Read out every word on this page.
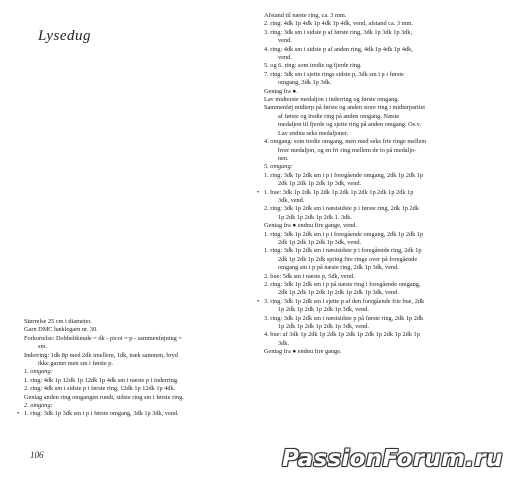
Lysedug
Størrelse 25 cm i diameter.
Garn DMC hæklegarn nr. 30.
Forkortelse: Dobbeltknude = dk - picot = p - sammenføjning =
sm.
Inderring: 1dk 8p med 2dk imellem, 1dk, træk sammen, bryd
ikke garnet men sm i første p.
1. omgang:
1. ring: 4dk 1p 12dk 1p 12dk 1p 4dk sm i næste p i inderring.
2. ring: 4dk sm i sidste p i første ring, 12dk 1p 12dk 1p 4dk.
Gentag anden ring omgangen rundt, sidste ring sm i første ring.
2. omgang:
• 1. ring: 3dk 1p 3dk sm i p i første omgang, 3dk 1p 3dk, vend.
Afstand til næste ring, ca. 3 mm.
2. ring: 4dk 1p 4dk 1p 4dk 1p 4dk, vend, afstand ca. 3 mm.
3. ring: 3dk sm i sidste p af første ring, 3dk 1p 3dk 1p 3dk,
vend.
4. ring: 4dk sm i sidste p af anden ring, 4dk 1p 4dk 1p 4dk,
vend.
5. og 6. ring: som tredie og fjerde ring.
7. ring: 3dk sm i sjette rings sidste p, 3dk sm i p i første
omgang, 3dk 1p 3dk.
Gentag fra ●.
Lav midterste medaljon i inderring og første omgang.
Sammenføj midterp på første og anden store ring i midterpartiet
af første og tredie ring på anden omgang. Næste
medaljon til fjerde og sjette ring på anden omgang. Os.v.
Lav endnu seks medaljoner.
4. omgang: som tredie omgang, men med seks frie ringe mellem
hver medaljon, og en fri ring mellem de to på medaljo-
nen.
5. omgang:
1. ring: 3dk 1p 2dk sm i p i foregående omgang, 2dk 1p 2dk 1p
2dk 1p 2dk 1p 2dk 1p 3dk, vend.
• 1. bue: 3dk 1p 2dk 1p 2dk 1p 2dk 1p 2dk 1p 2dk 1p 2dk 1p
3dk, vend.
2. ring: 3dk 1p 2dk sm i næstsidste p i første ring, 2dk 1p 2dk
1p 2dk 1p 2dk 1p 2dk 1. 3dk.
Gentag fra ● endnu fire gange, vend.
1. ring: 3dk 1p 2dk sm i p i foregående omgang, 2dk 1p 2dk 1p
2dk 1p 2dk 1p 2dk 1p 3dk, vend.
1. ring: 3dk 1p 2dk sm i næstsidste p i foregående ring, 2dk 1p
2dk 1p 2dk 1p 2dk spring fire ringe over på foregående
omgang sm i p på næste ring, 2dk 1p 3dk, vend.
2. bue: 5dk sm i næste p, 5dk, vend.
2. ring: 3dk 1p 2dk sm i p på næste ring i foregående omgang,
2dk 1p 2dk 1p 2dk 1p 2dk 1p 2dk 1p 3dk, vend.
• 3. ring: 3dk 1p 2dk sm i sjette p af den foregående frie bue, 2dk
1p 2dk 1p 2dk 1p 2dk 1p 3dk, vend.
3. ring: 3dk 1p 2dk sm i næstsidste p på første ring, 2dk 1p 2dk
1p 2dk 1p 2dk 1p 2dk 1p 3dk, vend.
4. bue: af 3dk 1p 2dk 1p 2dk 1p 2dk 1p 2dk 1p 2dk 1p 2dk 1p
3dk.
Gentag fra ● endnu fire gange.
106	PassionForum.ru
